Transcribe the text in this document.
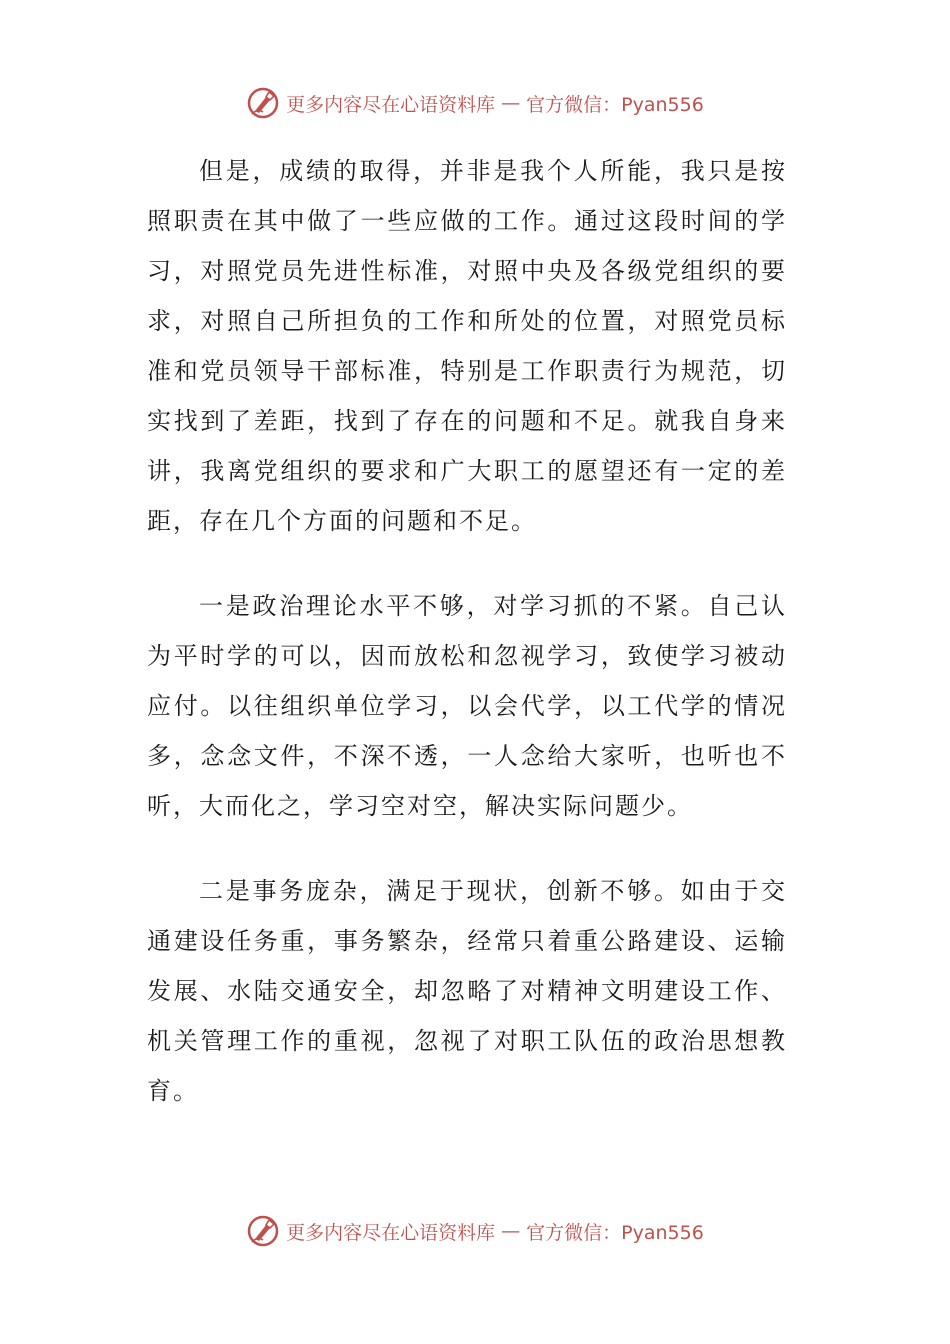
更多内容尽在心语资料库 — 官方微信：Pyan556

但是，成绩的取得，并非是我个人所能，我只是按照职责在其中做了一些应做的工作。通过这段时间的学习，对照党员先进性标准，对照中央及各级党组织的要求，对照自己所担负的工作和所处的位置，对照党员标准和党员领导干部标准，特别是工作职责行为规范，切实找到了差距，找到了存在的问题和不足。就我自身来讲，我离党组织的要求和广大职工的愿望还有一定的差距，存在几个方面的问题和不足。

一是政治理论水平不够，对学习抓的不紧。自己认为平时学的可以，因而放松和忽视学习，致使学习被动应付。以往组织单位学习，以会代学，以工代学的情况多，念念文件，不深不透，一人念给大家听，也听也不听，大而化之，学习空对空，解决实际问题少。

二是事务庞杂，满足于现状，创新不够。如由于交通建设任务重，事务繁杂，经常只着重公路建设、运输发展、水陆交通安全，却忽略了对精神文明建设工作、机关管理工作的重视，忽视了对职工队伍的政治思想教育。

更多内容尽在心语资料库 — 官方微信：Pyan556
